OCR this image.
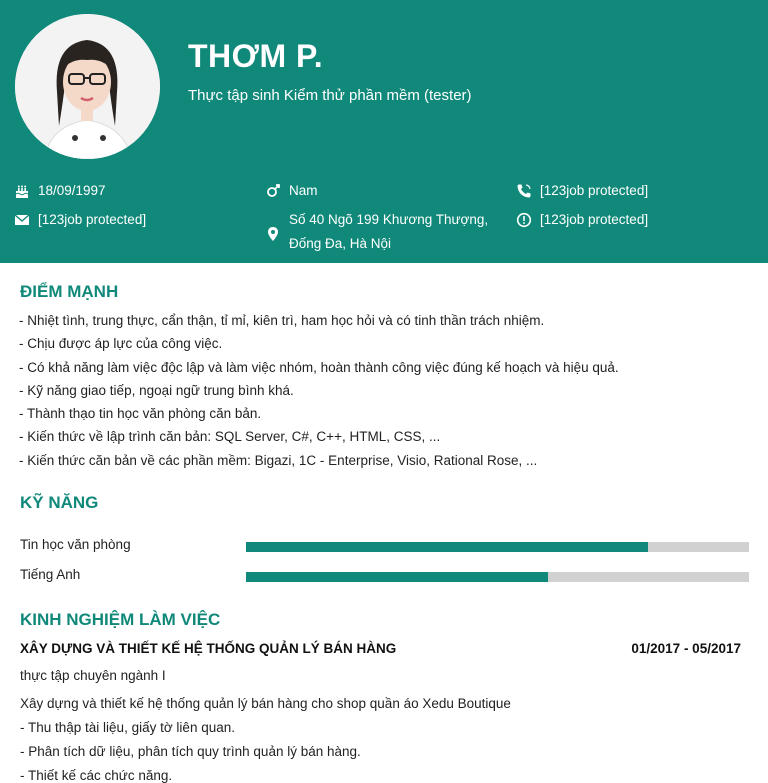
THƠM P.
Thực tập sinh Kiểm thử phần mềm (tester)
18/09/1997
[123job protected]
Nam
Số 40 Ngõ 199 Khương Thượng,
Đống Đa, Hà Nội
[123job protected]
[123job protected]
ĐIỂM MẠNH
- Nhiệt tình, trung thực, cẩn thận, tỉ mỉ, kiên trì, ham học hỏi và có tinh thần trách nhiệm.
- Chịu được áp lực của công việc.
- Có khả năng làm việc độc lập và làm việc nhóm, hoàn thành công việc đúng kế hoạch và hiệu quả.
- Kỹ năng giao tiếp, ngoại ngữ trung bình khá.
- Thành thạo tin học văn phòng căn bản.
- Kiến thức về lập trình căn bản: SQL Server, C#, C++, HTML, CSS, ...
- Kiến thức căn bản về các phần mềm: Bigazi, 1C - Enterprise, Visio, Rational Rose, ...
KỸ NĂNG
Tin học văn phòng
Tiếng Anh
KINH NGHIỆM LÀM VIỆC
XÂY DỰNG VÀ THIẾT KẾ HỆ THỐNG QUẢN LÝ BÁN HÀNG	01/2017 - 05/2017
thực tập chuyên ngành I
Xây dựng và thiết kế hệ thống quản lý bán hàng cho shop quần áo Xedu Boutique
- Thu thập tài liệu, giấy tờ liên quan.
- Phân tích dữ liệu, phân tích quy trình quản lý bán hàng.
- Thiết kế các chức năng.
